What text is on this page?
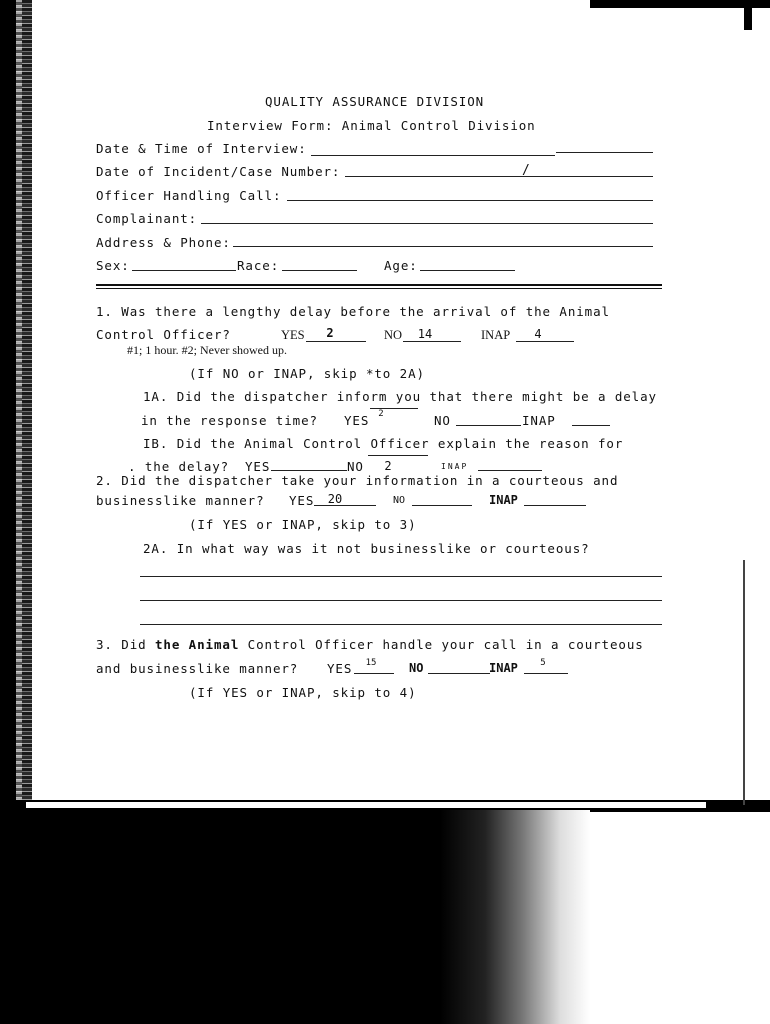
QUALITY ASSURANCE DIVISION
Interview Form: Animal Control Division
Date & Time of Interview:
Date of Incident/Case Number:	/
Officer Handling Call:
Complainant:
Address & Phone:
Sex:	Race:	Age:
1. Was there a lengthy delay before the arrival of the Animal
Control Officer?	YES	2	NO	14	INAP	4
#1; 1 hour. #2; Never showed up.
(If NO or INAP, skip *to 2A)
1A. Did the dispatcher inform you that there might be a delay
in the response time? YES	2	NO	INAP
IB. Did the Animal Control Officer explain the reason for
. the delay? YES	NO	2	INAP
2. Did the dispatcher take your information in a courteous and
businesslike manner? YES	20	NO	INAP
(If YES or INAP, skip to 3)
2A. In what way was it not businesslike or courteous?
3. Did the Animal Control Officer handle your call in a courteous
and businesslike manner? YES	15	NO	INAP	5
(If YES or INAP, skip to 4)
